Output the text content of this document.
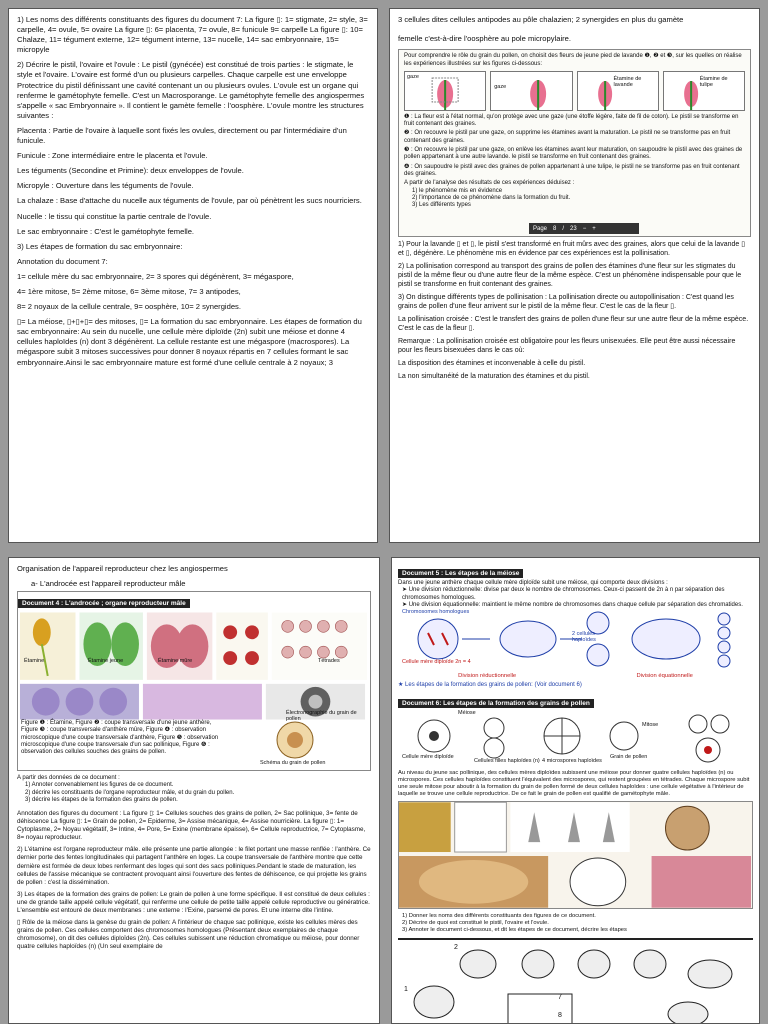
1) Les noms des différents constituants des figures du document 7: La figure ▯: 1= stigmate, 2= style, 3= carpelle, 4= ovule, 5= ovaire La figure ▯: 6= placenta, 7= ovule, 8= funicule 9= carpelle La figure ▯: 10= Chalaze, 11= tégument externe, 12= tégument interne, 13= nucelle, 14= sac embryonnaire, 15= micropyle

2) Décrire le pistil, l'ovaire et l'ovule : Le pistil (gynécée) est constitué de trois parties : le stigmate, le style et l'ovaire. L'ovaire est formé d'un ou plusieurs carpelles. Chaque carpelle est une enveloppe Protectrice du pistil définissant une cavité contenant un ou plusieurs ovules. L'ovule est un organe qui renferme le gamétophyte femelle. C'est un Macrosporange. Le gamétophyte femelle des angiospermes s'appelle « sac Embryonnaire ». Il contient le gamète femelle : l'oosphère. L'ovule montre les structures suivantes :

Placenta : Partie de l'ovaire à laquelle sont fixés les ovules, directement ou par l'intermédiaire d'un funicule.

Funicule : Zone intermédiaire entre le placenta et l'ovule.

Les téguments (Secondine et Primine): deux enveloppes de l'ovule.

Micropyle : Ouverture dans les téguments de l'ovule.

La chalaze : Base d'attache du nucelle aux téguments de l'ovule, par où pénètrent les sucs nourriciers.

Nucelle : le tissu qui constitue la partie centrale de l'ovule.

Le sac embryonnaire : C'est le gamétophyte femelle.

3) Les étapes de formation du sac embryonnaire:

Annotation du document 7:

1= cellule mère du sac embryonnaire, 2= 3 spores qui dégénèrent, 3= mégaspore,

4= 1ère mitose, 5= 2ème mitose, 6= 3ème mitose, 7= 3 antipodes,

8= 2 noyaux de la cellule centrale, 9= oosphère, 10= 2 synergides.

▯= La méiose, ▯+▯+▯= des mitoses, ▯= La formation du sac embryonnaire. Les étapes de formation du sac embryonnaire: Au sein du nucelle, une cellule mère diploïde (2n) subit une méiose et donne 4 cellules haploïdes (n) dont 3 dégénèrent. La cellule restante est une mégaspore (macrospores). La mégaspore subit 3 mitoses successives pour donner 8 noyaux répartis en 7 cellules formant le sac embryonnaire.Ainsi le sac embryonnaire mature est formé d'une cellule centrale à 2 noyaux; 3

3 cellules dites cellules antipodes au pôle chalazien; 2 synergides en plus du gamète

femelle c'est-à-dire l'oosphère au pole micropylaire.

Pour comprendre le rôle du grain du pollen, on choisit des fleurs de jeune pied de lavande ❶, ❷ et ❸, sur les quelles on réalise les expériences illustrées sur les figures ci-dessous:

gaze
gaze
Étamine de lavande
Étamine de tulipe

❶ : La fleur est à l'état normal, qu'on protège avec une gaze (une étoffe légère, faite de fil de coton). Le pistil se transforme en fruit contenant des graines.

❷ : On recouvre le pistil par une gaze, on supprime les étamines avant la maturation. Le pistil ne se transforme pas en fruit contenant des graines.

❸ : On recouvre le pistil par une gaze, on enlève les étamines avant leur maturation, on saupoudre le pistil avec des graines de pollen appartenant à une autre lavande. le pistil se transforme en fruit contenant des graines.

❹ : On saupoudre le pistil avec des graines de pollen appartenant à une tulipe, le pistil ne se transforme pas en fruit contenant des graines.

A partir de l'analyse des résultats de ces expériences déduisez :

1) le phénomène mis en évidence

2) l'importance de ce phénomène dans la formation du fruit.

3) Les différents types

Page 8 / 23 − +

1) Pour la lavande ▯ et ▯, le pistil s'est transformé en fruit mûrs avec des graines, alors que celui de la lavande ▯ et ▯, dégénère. Le phénomène mis en évidence par ces expériences est la pollinisation.

2) La pollinisation correspond au transport des grains de pollen des étamines d'une fleur sur les stigmates du pistil de la même fleur ou d'une autre fleur de la même espèce. C'est un phénomène indispensable pour que le pistil se transforme en fruit contenant des graines.

3) On distingue différents types de pollinisation : La pollinisation directe ou autopollinisation : C'est quand les grains de pollen d'une fleur arrivent sur le pistil de la même fleur. C'est le cas de la fleur ▯.

La pollinisation croisée : C'est le transfert des grains de pollen d'une fleur sur une autre fleur de la même espèce. C'est le cas de la fleur ▯.

Remarque : La pollinisation croisée est obligatoire pour les fleurs unisexuées. Elle peut être aussi nécessaire pour les fleurs bisexuées dans le cas où:

La disposition des étamines et inconvenable à celle du pistil.

La non simultanéité de la maturation des étamines et du pistil.

Organisation de l'appareil reproducteur chez les angiospermes

a- L'androcée est l'appareil reproducteur mâle

Document 4 : L'androcée ; organe reproducteur mâle
Étamine	Étamine jeune	Étamine mûre	Tétrades
Électronographie du grain de pollen

Figure ❶ : Étamine, Figure ❷ : coupe transversale d'une jeune anthère, Figure ❸ : coupe transversale d'anthère mûre, Figure ❹ : observation microscopique d'une coupe transversale d'anthère, Figure ❺ : observation microscopique d'une coupe transversale d'un sac pollinique, Figure ❻ : observation des cellules souches des grains de pollen.

Schéma du grain de pollen

A partir des données de ce document :

1) Annoter convenablement les figures de ce document.

2) décrire les constituants de l'organe reproducteur mâle, et du grain du pollen.

3) décrire les étapes de la formation des grains de pollen.

Annotation des figures du document : La figure ▯: 1= Cellules souches des grains de pollen, 2= Sac pollinique, 3= fente de déhiscence La figure ▯: 1= Grain de pollen, 2= Epiderme, 3= Assise mécanique, 4= Assise nourricière. La figure ▯: 1= Cytoplasme, 2= Noyau végétatif, 3= Intine, 4= Pore, 5= Exine (membrane épaisse), 6= Cellule reproductrice, 7= Cytoplasme, 8= noyau reproducteur.

2) L'étamine est l'organe reproducteur mâle. elle présente une partie allongée : le filet portant une masse renflée : l'anthère. Ce dernier porte des fentes longitudinales qui partagent l'anthère en loges. La coupe transversale de l'anthère montre que cette dernière est formée de deux lobes renfermant des loges qui sont des sacs polliniques.Pendant le stade de maturation, les cellules de l'assise mécanique se contractent provoquant ainsi l'ouverture des fentes de déhiscence, ce qui projette les grains de pollen : c'est la dissémination.

3) Les étapes de la formation des grains de pollen: Le grain de pollen à une forme spécifique. Il est constitué de deux cellules : une de grande taille appelé cellule végétatif, qui renferme une cellule de petite taille appelé cellule reproductive ou génératrice. L'ensemble est entouré de deux membranes : une externe : l'Exine, parsemé de pores. Et une interne dite l'intine.

▯ Rôle de la méiose dans la genèse du grain de pollen: A l'intérieur de chaque sac pollinique, existe les cellules mères des grains de pollen. Ces cellules comportent des chromosomes homologues (Présentant deux exemplaires de chaque chromosome), on dit des cellules diploïdes (2n). Ces cellules subissent une réduction chromatique ou méiose, pour donner quatre cellules haploïdes (n) (Un seul exemplaire de

Document 5 : Les étapes de la méiose

Dans une jeune anthère chaque cellule mère diploïde subit une méiose, qui comporte deux divisions :

➤ Une division réductionnelle: divise par deux le nombre de chromosomes. Ceux-ci passent de 2n à n par séparation des chromosomes homologues.

➤ Une division équationnelle: maintient le même nombre de chromosomes dans chaque cellule par séparation des chromatides.

Chromosomes homologues
2 cellules haploïdes
Cellule mère diploïde 2n = 4
Division réductionnelle	Division équationnelle

★ Les étapes de la formation des grains de pollen: (Voir document 6)

Document 6: Les étapes de la formation des grains de pollen
Méiose
Mitose
Cellule mère diploïde
Cellules filles haploïdes (n) 4 microspores haploïdes
Grain de pollen

Au niveau du jeune sac pollinique, des cellules mères diploïdes subissent une méiose pour donner quatre cellules haploïdes (n) ou microspores. Ces cellules haploïdes constituent l'équivalent des microspores, qui restent groupées en tétrades. Chaque microspore subit une seule mitose pour aboutir à la formation du grain de pollen formé de deux cellules haploïdes : une cellule végétative à l'intérieur de laquelle se trouve une cellule reproductrice. De ce fait le grain de pollen est qualifié de gamétophyte mâle.

1) Donner les noms des différents constituants des figures de ce document.

2) Décrire de quoi est constitué le pistil, l'ovaire et l'ovule.

3) Annoter le document ci-dessous, et dit les étapes de ce document, décrire les étapes

2
1
7
8
